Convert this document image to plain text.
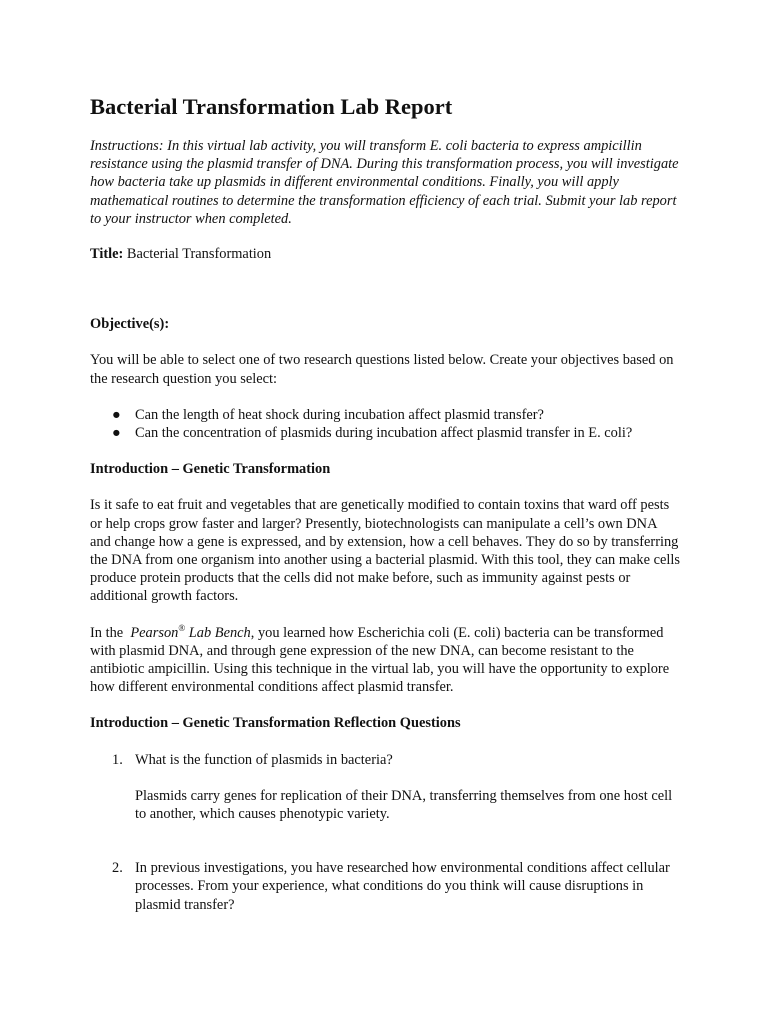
Bacterial Transformation Lab Report

Instructions: In this virtual lab activity, you will transform E. coli bacteria to express ampicillin resistance using the plasmid transfer of DNA. During this transformation process, you will investigate how bacteria take up plasmids in different environmental conditions. Finally, you will apply mathematical routines to determine the transformation efficiency of each trial. Submit your lab report to your instructor when completed.

Title: Bacterial Transformation

Objective(s):

You will be able to select one of two research questions listed below. Create your objectives based on the research question you select:

● Can the length of heat shock during incubation affect plasmid transfer?
● Can the concentration of plasmids during incubation affect plasmid transfer in E. coli?

Introduction – Genetic Transformation

Is it safe to eat fruit and vegetables that are genetically modified to contain toxins that ward off pests or help crops grow faster and larger? Presently, biotechnologists can manipulate a cell’s own DNA and change how a gene is expressed, and by extension, how a cell behaves. They do so by transferring the DNA from one organism into another using a bacterial plasmid. With this tool, they can make cells produce protein products that the cells did not make before, such as immunity against pests or additional growth factors.

In the Pearson® Lab Bench, you learned how Escherichia coli (E. coli) bacteria can be transformed with plasmid DNA, and through gene expression of the new DNA, can become resistant to the antibiotic ampicillin. Using this technique in the virtual lab, you will have the opportunity to explore how different environmental conditions affect plasmid transfer.

Introduction – Genetic Transformation Reflection Questions

1. What is the function of plasmids in bacteria?

Plasmids carry genes for replication of their DNA, transferring themselves from one host cell to another, which causes phenotypic variety.

2. In previous investigations, you have researched how environmental conditions affect cellular processes. From your experience, what conditions do you think will cause disruptions in plasmid transfer?
